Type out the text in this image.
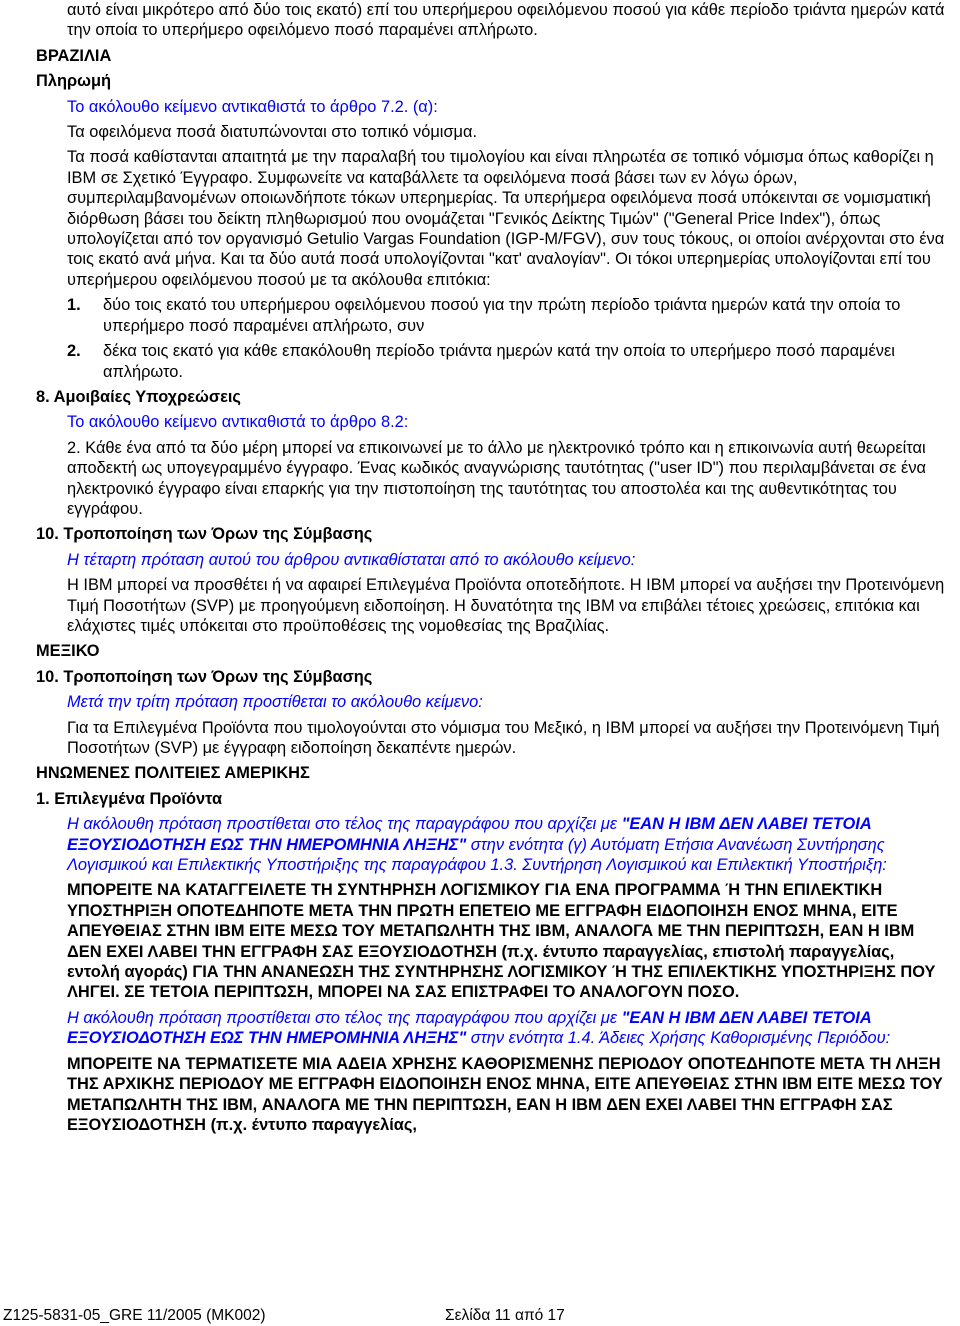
αυτό είναι μικρότερο από δύο τοις εκατό) επί του υπερήμερου οφειλόμενου ποσού για κάθε περίοδο τριάντα ημερών κατά την οποία το υπερήμερο οφειλόμενο ποσό παραμένει απλήρωτο.

ΒΡΑΖΙΛΙΑ
Πληρωμή

Το ακόλουθο κείμενο αντικαθιστά το άρθρο 7.2. (α):

Τα οφειλόμενα ποσά διατυπώνονται στο τοπικό νόμισμα.

Τα ποσά καθίστανται απαιτητά με την παραλαβή του τιμολογίου και είναι πληρωτέα σε τοπικό νόμισμα όπως καθορίζει η IBM σε Σχετικό Έγγραφο. Συμφωνείτε να καταβάλλετε τα οφειλόμενα ποσά βάσει των εν λόγω όρων, συμπεριλαμβανομένων οποιωνδήποτε τόκων υπερημερίας. Τα υπερήμερα οφειλόμενα ποσά υπόκεινται σε νομισματική διόρθωση βάσει του δείκτη πληθωρισμού που ονομάζεται "Γενικός Δείκτης Τιμών" ("General Price Index"), όπως υπολογίζεται από τον οργανισμό Getulio Vargas Foundation (IGP-M/FGV), συν τους τόκους, οι οποίοι ανέρχονται στο ένα τοις εκατό ανά μήνα. Και τα δύο αυτά ποσά υπολογίζονται "κατ' αναλογίαν". Οι τόκοι υπερημερίας υπολογίζονται επί του υπερήμερου οφειλόμενου ποσού με τα ακόλουθα επιτόκια:

1. δύο τοις εκατό του υπερήμερου οφειλόμενου ποσού για την πρώτη περίοδο τριάντα ημερών κατά την οποία το υπερήμερο ποσό παραμένει απλήρωτο, συν
2. δέκα τοις εκατό για κάθε επακόλουθη περίοδο τριάντα ημερών κατά την οποία το υπερήμερο ποσό παραμένει απλήρωτο.
8. Αμοιβαίες Υποχρεώσεις

Το ακόλουθο κείμενο αντικαθιστά το άρθρο 8.2:

2. Κάθε ένα από τα δύο μέρη μπορεί να επικοινωνεί με το άλλο με ηλεκτρονικό τρόπο και η επικοινωνία αυτή θεωρείται αποδεκτή ως υπογεγραμμένο έγγραφο. Ένας κωδικός αναγνώρισης ταυτότητας ("user ID") που περιλαμβάνεται σε ένα ηλεκτρονικό έγγραφο είναι επαρκής για την πιστοποίηση της ταυτότητας του αποστολέα και της αυθεντικότητας του εγγράφου.

10. Τροποποίηση των Όρων της Σύμβασης

Η τέταρτη πρόταση αυτού του άρθρου αντικαθίσταται από το ακόλουθο κείμενο:

Η IBM μπορεί να προσθέτει ή να αφαιρεί Επιλεγμένα Προϊόντα οποτεδήποτε. Η IBM μπορεί να αυξήσει την Προτεινόμενη Τιμή Ποσοτήτων (SVP) με προηγούμενη ειδοποίηση. Η δυνατότητα της IBM να επιβάλει τέτοιες χρεώσεις, επιτόκια και ελάχιστες τιμές υπόκειται στο προϋποθέσεις της νομοθεσίας της Βραζιλίας.

ΜΕΞΙΚΟ
10. Τροποποίηση των Όρων της Σύμβασης

Μετά την τρίτη πρόταση προστίθεται το ακόλουθο κείμενο:

Για τα Επιλεγμένα Προϊόντα που τιμολογούνται στο νόμισμα του Μεξικό, η IBM μπορεί να αυξήσει την Προτεινόμενη Τιμή Ποσοτήτων (SVP) με έγγραφη ειδοποίηση δεκαπέντε ημερών.

ΗΝΩΜΕΝΕΣ ΠΟΛΙΤΕΙΕΣ ΑΜΕΡΙΚΗΣ
1. Επιλεγμένα Προϊόντα

Η ακόλουθη πρόταση προστίθεται στο τέλος της παραγράφου που αρχίζει με "ΕΑΝ Η IBM ΔΕΝ ΛΑΒΕΙ ΤΕΤΟΙΑ ΕΞΟΥΣΙΟΔΟΤΗΣΗ ΕΩΣ ΤΗΝ ΗΜΕΡΟΜΗΝΙΑ ΛΗΞΗΣ" στην ενότητα (γ) Αυτόματη Ετήσια Ανανέωση Συντήρησης Λογισμικού και Επιλεκτικής Υποστήριξης της παραγράφου 1.3. Συντήρηση Λογισμικού και Επιλεκτική Υποστήριξη:

ΜΠΟΡΕΙΤΕ ΝΑ ΚΑΤΑΓΓΕΙΛΕΤΕ ΤΗ ΣΥΝΤΗΡΗΣΗ ΛΟΓΙΣΜΙΚΟΥ ΓΙΑ ΕΝΑ ΠΡΟΓΡΑΜΜΑ Ή ΤΗΝ ΕΠΙΛΕΚΤΙΚΗ ΥΠΟΣΤΗΡΙΞΗ ΟΠΟΤΕΔΗΠΟΤΕ ΜΕΤΑ ΤΗΝ ΠΡΩΤΗ ΕΠΕΤΕΙΟ ΜΕ ΕΓΓΡΑΦΗ ΕΙΔΟΠΟΙΗΣΗ ΕΝΟΣ ΜΗΝΑ, ΕΙΤΕ ΑΠΕΥΘΕΙΑΣ ΣΤΗΝ IBM ΕΙΤΕ ΜΕΣΩ ΤΟΥ ΜΕΤΑΠΩΛΗΤΗ ΤΗΣ IBM, ΑΝΑΛΟΓΑ ΜΕ ΤΗΝ ΠΕΡΙΠΤΩΣΗ, ΕΑΝ Η IBM ΔΕΝ ΕΧΕΙ ΛΑΒΕΙ ΤΗΝ ΕΓΓΡΑΦΗ ΣΑΣ ΕΞΟΥΣΙΟΔΟΤΗΣΗ (π.χ. έντυπο παραγγελίας, επιστολή παραγγελίας, εντολή αγοράς) ΓΙΑ ΤΗΝ ΑΝΑΝΕΩΣΗ ΤΗΣ ΣΥΝΤΗΡΗΣΗΣ ΛΟΓΙΣΜΙΚΟΥ Ή ΤΗΣ ΕΠΙΛΕΚΤΙΚΗΣ ΥΠΟΣΤΗΡΙΞΗΣ ΠΟΥ ΛΗΓΕΙ. ΣΕ ΤΕΤΟΙΑ ΠΕΡΙΠΤΩΣΗ, ΜΠΟΡΕΙ ΝΑ ΣΑΣ ΕΠΙΣΤΡΑΦΕΙ ΤΟ ΑΝΑΛΟΓΟΥΝ ΠΟΣΟ.

Η ακόλουθη πρόταση προστίθεται στο τέλος της παραγράφου που αρχίζει με "ΕΑΝ Η IBM ΔΕΝ ΛΑΒΕΙ ΤΕΤΟΙΑ ΕΞΟΥΣΙΟΔΟΤΗΣΗ ΕΩΣ ΤΗΝ ΗΜΕΡΟΜΗΝΙΑ ΛΗΞΗΣ" στην ενότητα 1.4. Άδειες Χρήσης Καθορισμένης Περιόδου:

ΜΠΟΡΕΙΤΕ ΝΑ ΤΕΡΜΑΤΙΣΕΤΕ ΜΙΑ ΑΔΕΙΑ ΧΡΗΣΗΣ ΚΑΘΟΡΙΣΜΕΝΗΣ ΠΕΡΙΟΔΟΥ ΟΠΟΤΕΔΗΠΟΤΕ ΜΕΤΑ ΤΗ ΛΗΞΗ ΤΗΣ ΑΡΧΙΚΗΣ ΠΕΡΙΟΔΟΥ ΜΕ ΕΓΓΡΑΦΗ ΕΙΔΟΠΟΙΗΣΗ ΕΝΟΣ ΜΗΝΑ, ΕΙΤΕ ΑΠΕΥΘΕΙΑΣ ΣΤΗΝ IBM ΕΙΤΕ ΜΕΣΩ ΤΟΥ ΜΕΤΑΠΩΛΗΤΗ ΤΗΣ IBM, ΑΝΑΛΟΓΑ ΜΕ ΤΗΝ ΠΕΡΙΠΤΩΣΗ, ΕΑΝ Η IBM ΔΕΝ ΕΧΕΙ ΛΑΒΕΙ ΤΗΝ ΕΓΓΡΑΦΗ ΣΑΣ ΕΞΟΥΣΙΟΔΟΤΗΣΗ (π.χ. έντυπο παραγγελίας,

Z125-5831-05_GRE 11/2005 (MK002)	Σελίδα 11 από 17
